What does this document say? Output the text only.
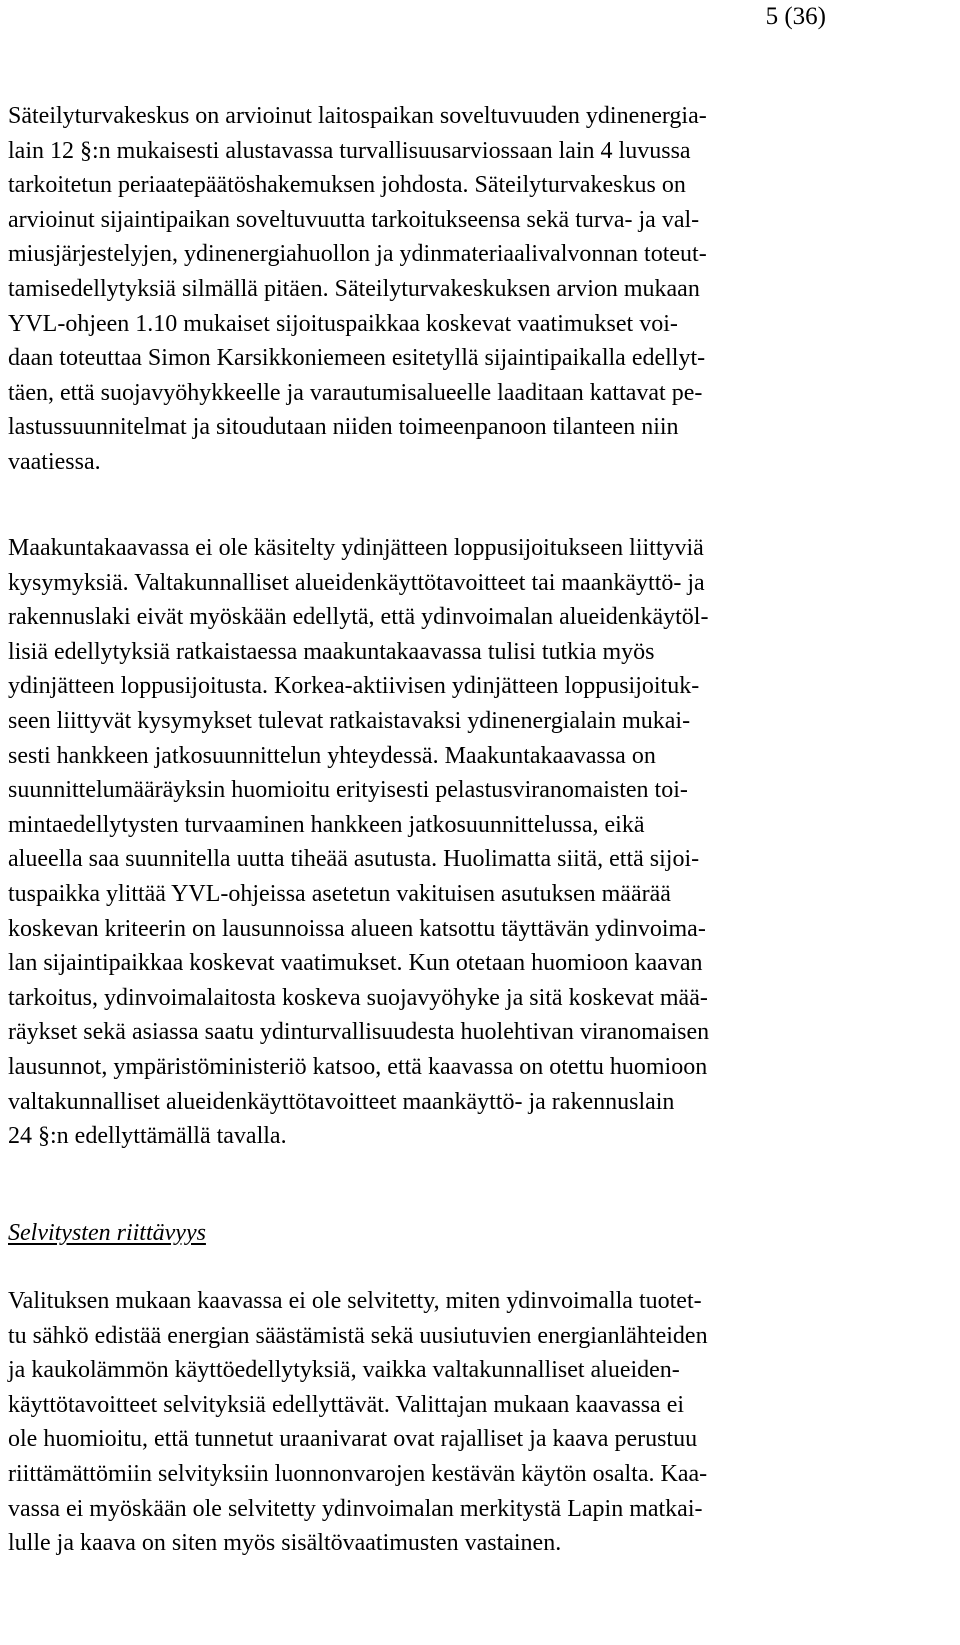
5 (36)

Säteilyturvakeskus on arvioinut laitospaikan soveltuvuuden ydinenergia-
lain 12 §:n mukaisesti alustavassa turvallisuusarviossaan lain 4 luvussa
tarkoitetun periaatepäätöshakemuksen johdosta. Säteilyturvakeskus on
arvioinut sijaintipaikan soveltuvuutta tarkoitukseensa sekä turva- ja val-
miusjärjestelyjen, ydinenergiahuollon ja ydinmateriaalivalvonnan toteut-
tamisedellytyksiä silmällä pitäen. Säteilyturvakeskuksen arvion mukaan
YVL-ohjeen 1.10 mukaiset sijoituspaikkaa koskevat vaatimukset voi-
daan toteuttaa Simon Karsikkoniemeen esitetyllä sijaintipaikalla edellyt-
täen, että suojavyöhykkeelle ja varautumisalueelle laaditaan kattavat pe-
lastussuunnitelmat ja sitoudutaan niiden toimeenpanoon tilanteen niin
vaatiessa.

Maakuntakaavassa ei ole käsitelty ydinjätteen loppusijoitukseen liittyviä
kysymyksiä. Valtakunnalliset alueidenkäyttötavoitteet tai maankäyttö- ja
rakennuslaki eivät myöskään edellytä, että ydinvoimalan alueidenkäytöl-
lisiä edellytyksiä ratkaistaessa maakuntakaavassa tulisi tutkia myös
ydinjätteen loppusijoitusta. Korkea-aktiivisen ydinjätteen loppusijoituk-
seen liittyvät kysymykset tulevat ratkaistavaksi ydinenergialain mukai-
sesti hankkeen jatkosuunnittelun yhteydessä. Maakuntakaavassa on
suunnittelumääräyksin huomioitu erityisesti pelastusviranomaisten toi-
mintaedellytysten turvaaminen hankkeen jatkosuunnittelussa, eikä
alueella saa suunnitella uutta tiheää asutusta. Huolimatta siitä, että sijoi-
tuspaikka ylittää YVL-ohjeissa asetetun vakituisen asutuksen määrää
koskevan kriteerin on lausunnoissa alueen katsottu täyttävän ydinvoima-
lan sijaintipaikkaa koskevat vaatimukset. Kun otetaan huomioon kaavan
tarkoitus, ydinvoimalaitosta koskeva suojavyöhyke ja sitä koskevat mää-
räykset sekä asiassa saatu ydinturvallisuudesta huolehtivan viranomaisen
lausunnot, ympäristöministeriö katsoo, että kaavassa on otettu huomioon
valtakunnalliset alueidenkäyttötavoitteet maankäyttö- ja rakennuslain
24 §:n edellyttämällä tavalla.

Selvitysten riittävyys

Valituksen mukaan kaavassa ei ole selvitetty, miten ydinvoimalla tuotet-
tu sähkö edistää energian säästämistä sekä uusiutuvien energianlähteiden
ja kaukolämmön käyttöedellytyksiä, vaikka valtakunnalliset alueiden-
käyttötavoitteet selvityksiä edellyttävät. Valittajan mukaan kaavassa ei
ole huomioitu, että tunnetut uraanivarat ovat rajalliset ja kaava perustuu
riittämättömiin selvityksiin luonnonvarojen kestävän käytön osalta. Kaa-
vassa ei myöskään ole selvitetty ydinvoimalan merkitystä Lapin matkai-
lulle ja kaava on siten myös sisältövaatimusten vastainen.
